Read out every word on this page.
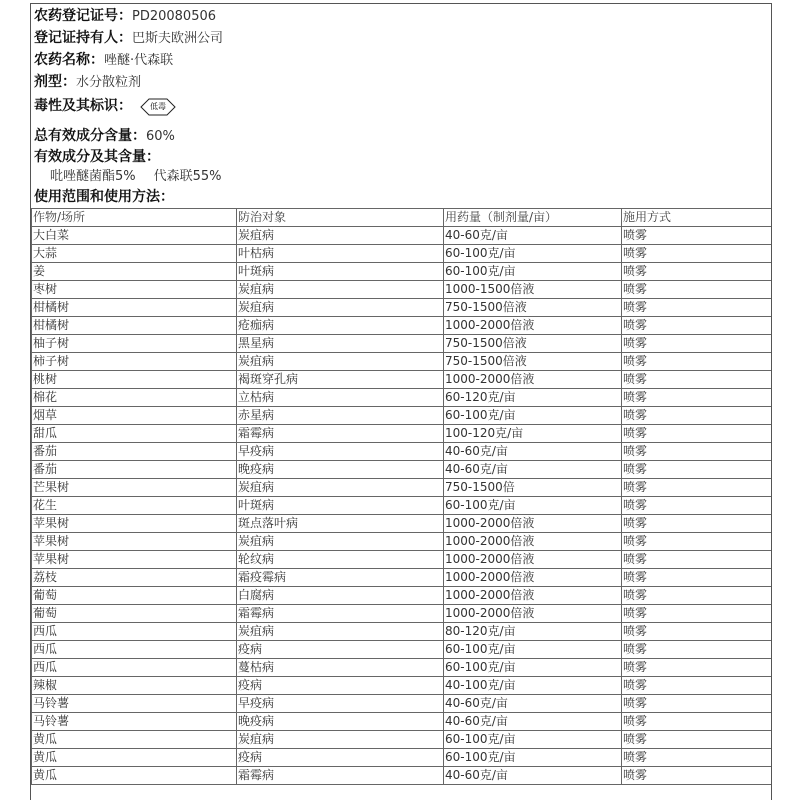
农药登记证号：PD20080506
登记证持有人：巴斯夫欧洲公司
农药名称：唑醚·代森联
剂型：水分散粒剂
毒性及其标识：	低毒
总有效成分含量：60%
有效成分及其含量：
吡唑醚菌酯5% 代森联55%
使用范围和使用方法：
作物/场所	防治对象	用药量（制剂量/亩）	施用方式
大白菜	炭疽病	40-60克/亩	喷雾
大蒜	叶枯病	60-100克/亩	喷雾
姜	叶斑病	60-100克/亩	喷雾
枣树	炭疽病	1000-1500倍液	喷雾
柑橘树	炭疽病	750-1500倍液	喷雾
柑橘树	疮痂病	1000-2000倍液	喷雾
柚子树	黑星病	750-1500倍液	喷雾
柿子树	炭疽病	750-1500倍液	喷雾
桃树	褐斑穿孔病	1000-2000倍液	喷雾
棉花	立枯病	60-120克/亩	喷雾
烟草	赤星病	60-100克/亩	喷雾
甜瓜	霜霉病	100-120克/亩	喷雾
番茄	早疫病	40-60克/亩	喷雾
番茄	晚疫病	40-60克/亩	喷雾
芒果树	炭疽病	750-1500倍	喷雾
花生	叶斑病	60-100克/亩	喷雾
苹果树	斑点落叶病	1000-2000倍液	喷雾
苹果树	炭疽病	1000-2000倍液	喷雾
苹果树	轮纹病	1000-2000倍液	喷雾
荔枝	霜疫霉病	1000-2000倍液	喷雾
葡萄	白腐病	1000-2000倍液	喷雾
葡萄	霜霉病	1000-2000倍液	喷雾
西瓜	炭疽病	80-120克/亩	喷雾
西瓜	疫病	60-100克/亩	喷雾
西瓜	蔓枯病	60-100克/亩	喷雾
辣椒	疫病	40-100克/亩	喷雾
马铃薯	早疫病	40-60克/亩	喷雾
马铃薯	晚疫病	40-60克/亩	喷雾
黄瓜	炭疽病	60-100克/亩	喷雾
黄瓜	疫病	60-100克/亩	喷雾
黄瓜	霜霉病	40-60克/亩	喷雾
